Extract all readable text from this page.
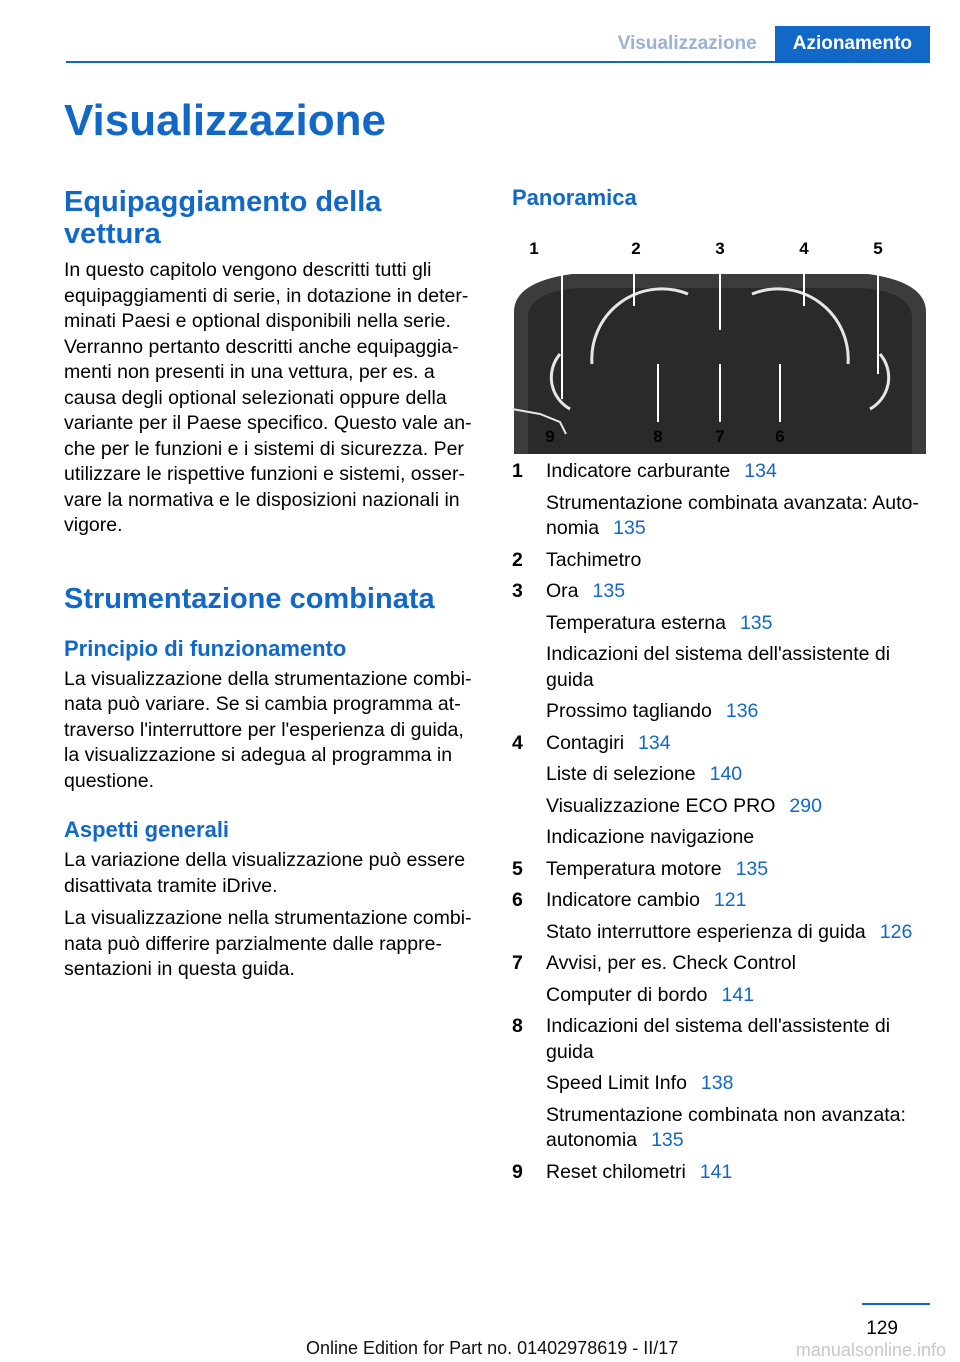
Visualizzazione	Azionamento
Visualizzazione
Equipaggiamento della vettura

In questo capitolo vengono descritti tutti gli equipaggiamenti di serie, in dotazione in deter-minati Paesi e optional disponibili nella serie. Verranno pertanto descritti anche equipaggia-menti non presenti in una vettura, per es. a causa degli optional selezionati oppure della variante per il Paese specifico. Questo vale an-che per le funzioni e i sistemi di sicurezza. Per utilizzare le rispettive funzioni e sistemi, osser-vare la normativa e le disposizioni nazionali in vigore.

Strumentazione combinata
Principio di funzionamento

La visualizzazione della strumentazione combi-nata può variare. Se si cambia programma at-traverso l'interruttore per l'esperienza di guida, la visualizzazione si adegua al programma in questione.

Aspetti generali

La variazione della visualizzazione può essere disattivata tramite iDrive.

La visualizzazione nella strumentazione combi-nata può differire parzialmente dalle rappre-sentazioni in questa guida.

Panoramica
1	2	3	4	5
9	8	7	6
1	Indicatore carburante 134
Strumentazione combinata avanzata: Auto-nomia 135
2	Tachimetro
3	Ora 135
Temperatura esterna 135
Indicazioni del sistema dell'assistente di guida
Prossimo tagliando 136
4	Contagiri 134
Liste di selezione 140
Visualizzazione ECO PRO 290
Indicazione navigazione
5	Temperatura motore 135
6	Indicatore cambio 121
Stato interruttore esperienza di guida 126
7	Avvisi, per es. Check Control
Computer di bordo 141
8	Indicazioni del sistema dell'assistente di guida
Speed Limit Info 138
Strumentazione combinata non avanzata: autonomia 135
9	Reset chilometri 141
129
Online Edition for Part no. 01402978619 - II/17	manualsonline.info
